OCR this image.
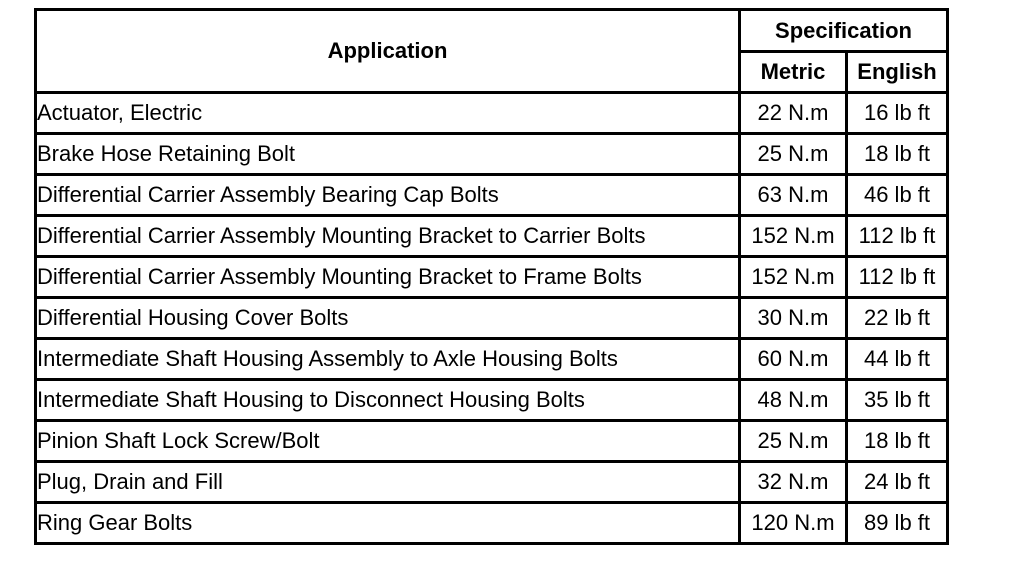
Application	Specification	
	Metric	English
Actuator, Electric	22 N.m	16 lb ft
Brake Hose Retaining Bolt	25 N.m	18 lb ft
Differential Carrier Assembly Bearing Cap Bolts	63 N.m	46 lb ft
Differential Carrier Assembly Mounting Bracket to Carrier Bolts	152 N.m	112 lb ft
Differential Carrier Assembly Mounting Bracket to Frame Bolts	152 N.m	112 lb ft
Differential Housing Cover Bolts	30 N.m	22 lb ft
Intermediate Shaft Housing Assembly to Axle Housing Bolts	60 N.m	44 lb ft
Intermediate Shaft Housing to Disconnect Housing Bolts	48 N.m	35 lb ft
Pinion Shaft Lock Screw/Bolt	25 N.m	18 lb ft
Plug, Drain and Fill	32 N.m	24 lb ft
Ring Gear Bolts	120 N.m	89 lb ft
